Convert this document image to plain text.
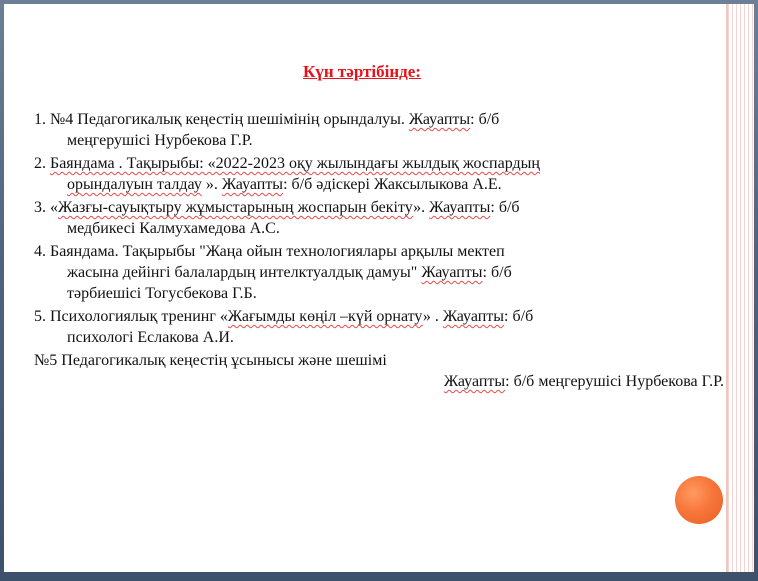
Күн тәртібінде:

1. №4 Педагогикалық кеңестің шешімінің орындалуы. Жауапты: б/б
меңгерушісі Нурбекова Г.Р.

2. Баяндама . Тақырыбы: «2022-2023 оқу жылындағы жылдық жоспардың
орындалуын талдау ». Жауапты: б/б әдіскері Жаксылыкова А.Е.

3. «Жазғы-сауықтыру жұмыстарының жоспарын бекіту». Жауапты: б/б
медбикесі Калмухамедова А.С.

4. Баяндама. Тақырыбы "Жаңа ойын технологиялары арқылы мектеп
жасына дейінгі балалардың интелктуалдық дамуы" Жауапты: б/б
тәрбиешісі Тогусбекова Г.Б.

5. Психологиялық тренинг «Жағымды көңіл –күй орнату» . Жауапты: б/б
психологі Еслакова А.И.

№5 Педагогикалық кеңестің ұсынысы және шешімі

Жауапты: б/б меңгерушісі Нурбекова Г.Р.
